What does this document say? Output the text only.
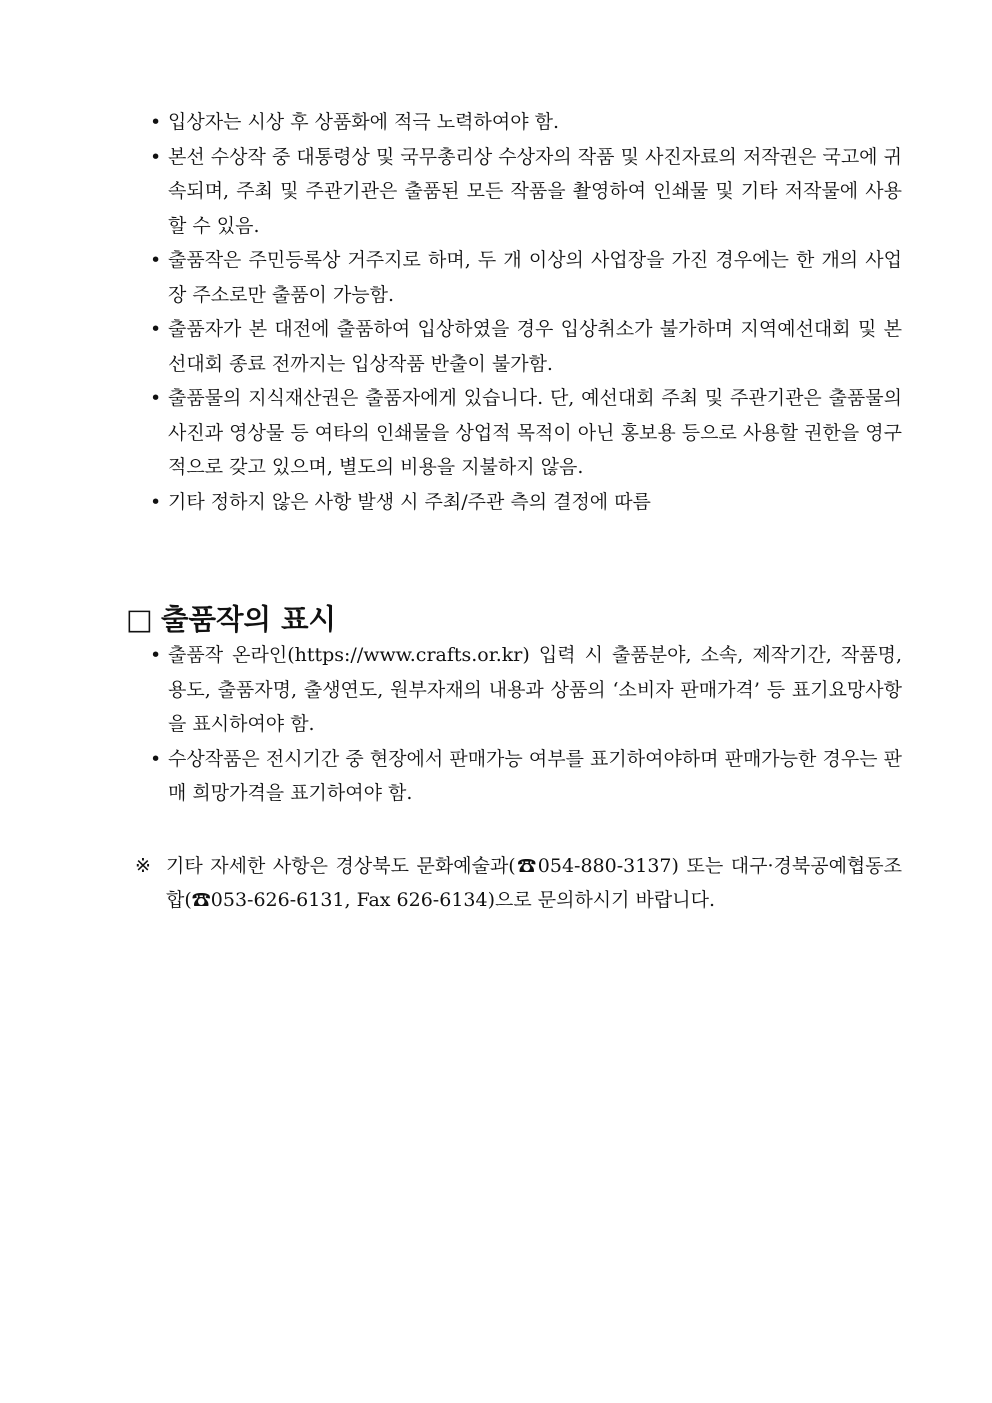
• 입상자는 시상 후 상품화에 적극 노력하여야 함.
• 본선 수상작 중 대통령상 및 국무총리상 수상자의 작품 및 사진자료의 저작권은 국고에 귀속되며, 주최 및 주관기관은 출품된 모든 작품을 촬영하여 인쇄물 및 기타 저작물에 사용할 수 있음.
• 출품작은 주민등록상 거주지로 하며, 두 개 이상의 사업장을 가진 경우에는 한 개의 사업장 주소로만 출품이 가능함.
• 출품자가 본 대전에 출품하여 입상하였을 경우 입상취소가 불가하며 지역예선대회 및 본선대회 종료 전까지는 입상작품 반출이 불가함.
• 출품물의 지식재산권은 출품자에게 있습니다. 단, 예선대회 주최 및 주관기관은 출품물의 사진과 영상물 등 여타의 인쇄물을 상업적 목적이 아닌 홍보용 등으로 사용할 권한을 영구적으로 갖고 있으며, 별도의 비용을 지불하지 않음.
• 기타 정하지 않은 사항 발생 시 주최/주관 측의 결정에 따름
□ 출품작의 표시
• 출품작 온라인(https://www.crafts.or.kr) 입력 시 출품분야, 소속, 제작기간, 작품명, 용도, 출품자명, 출생연도, 원부자재의 내용과 상품의 ‘소비자 판매가격’ 등 표기요망사항을 표시하여야 함.
• 수상작품은 전시기간 중 현장에서 판매가능 여부를 표기하여야하며 판매가능한 경우는 판매 희망가격을 표기하여야 함.

※ 기타 자세한 사항은 경상북도 문화예술과(☎054-880-3137) 또는 대구·경북공예협동조합(☎053-626-6131, Fax 626-6134)으로 문의하시기 바랍니다.
